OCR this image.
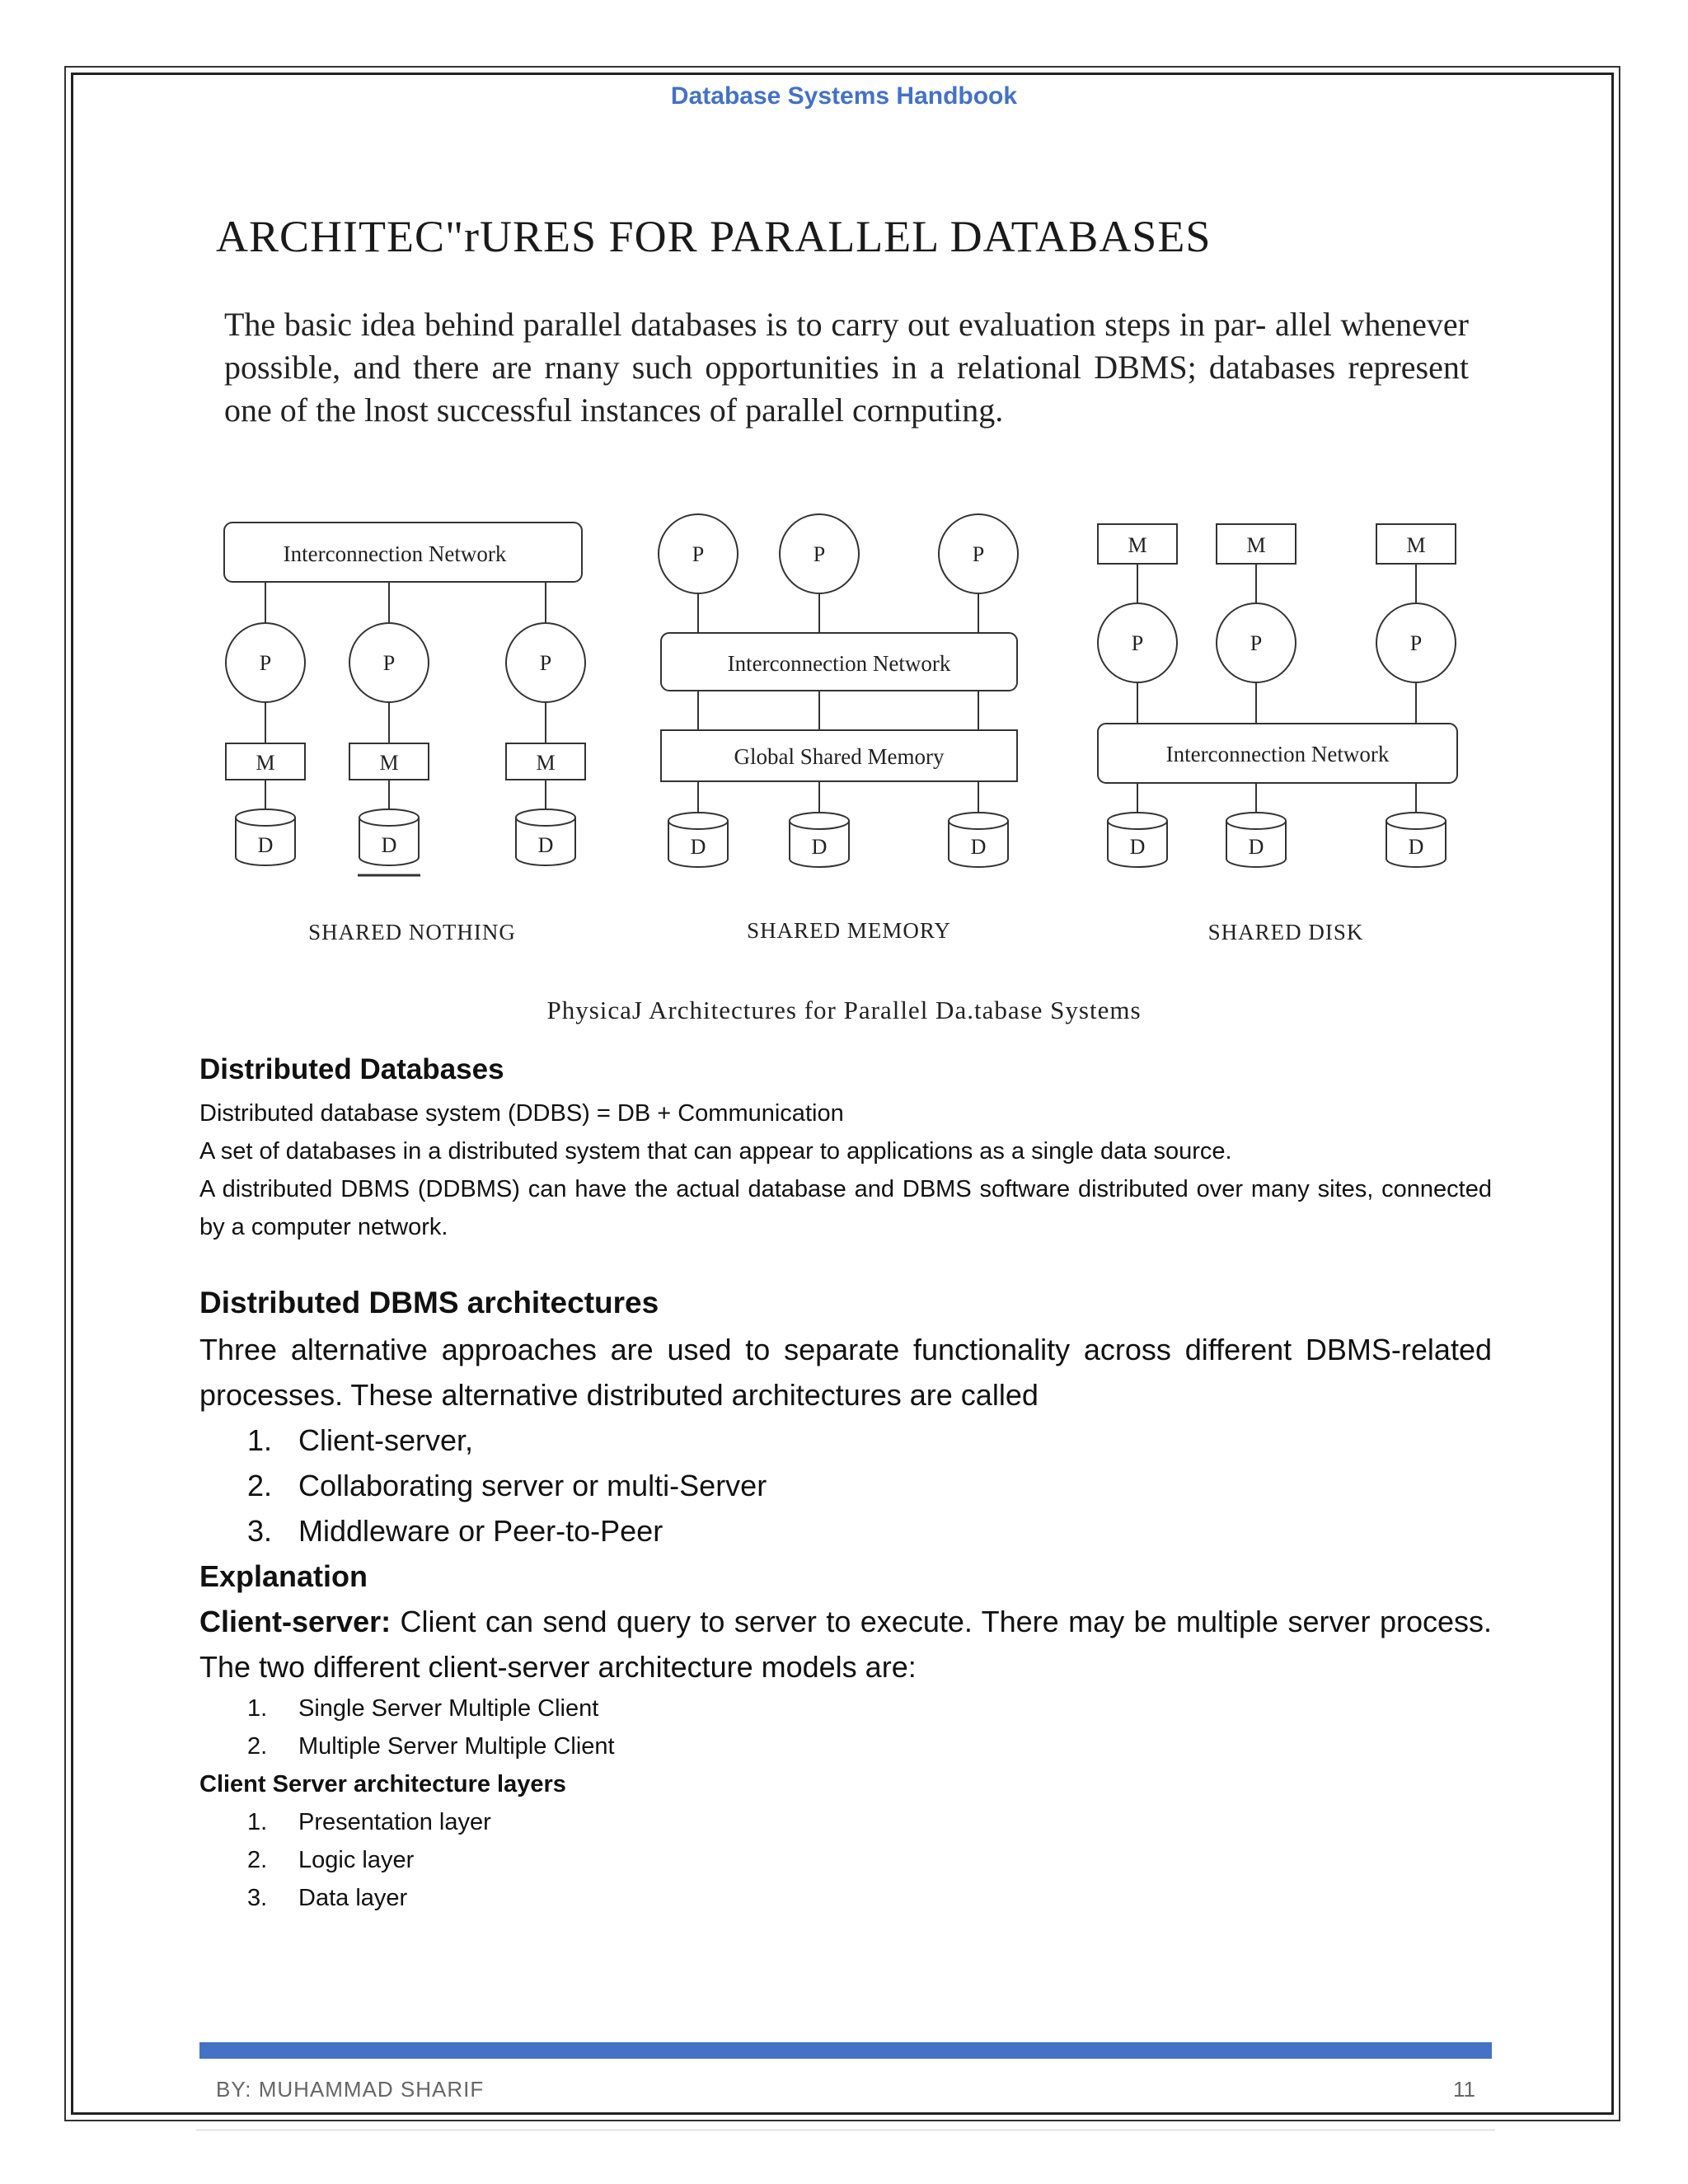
Database Systems Handbook
ARCHITEC"rURES FOR PARALLEL DATABASES
The basic idea behind parallel databases is to carry out evaluation steps in par- allel whenever possible, and there are rnany such opportunities in a relational DBMS; databases represent one of the lnost successful instances of parallel cornputing.
Interconnection Network
Interconnection Network
Global Shared Memory	Interconnection Network
P	P	P
M	M	M
D	D	D
P	P	P
D	D	D
M	M	M
P	P	P
D	D	D
SHARED NOTHING	SHARED MEMORY	SHARED DISK
PhysicaJ Architectures for Parallel Da.tabase Systems
Distributed Databases

Distributed database system (DDBS) = DB + Communication

A set of databases in a distributed system that can appear to applications as a single data source.

A distributed DBMS (DDBMS) can have the actual database and DBMS software distributed over many sites, connected by a computer network.

Distributed DBMS architectures

Three alternative approaches are used to separate functionality across different DBMS-related processes. These alternative distributed architectures are called

1. Client-server,
2. Collaborating server or multi-Server
3. Middleware or Peer-to-Peer
Explanation

Client-server: Client can send query to server to execute. There may be multiple server process. The two different client-server architecture models are:

1. Single Server Multiple Client
2. Multiple Server Multiple Client
Client Server architecture layers
1. Presentation layer
2. Logic layer
3. Data layer
BY: MUHAMMAD SHARIF	11
